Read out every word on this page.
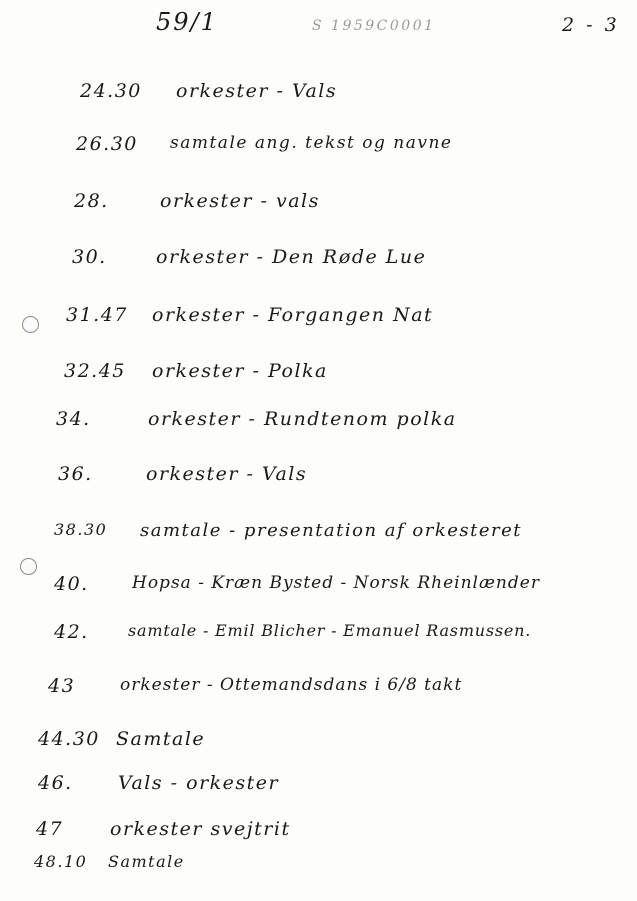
59/1	S 1959C0001	2 - 3
24.30 orkester - Vals
26.30 samtale ang. tekst og navne
28.	orkester - vals
30.	orkester - Den Røde Lue
31.47 orkester - Forgangen Nat
32.45 orkester - Polka
34.	orkester - Rundtenom polka
36.	orkester - Vals
38.30 samtale - presentation af orkesteret
40.	Hopsa - Kræn Bysted - Norsk Rheinlænder
42. samtale - Emil Blicher - Emanuel Rasmussen.
43	orkester - Ottemandsdans i 6/8 takt
44.30 Samtale
46. Vals - orkester
47 orkester svejtrit
48.10 Samtale
